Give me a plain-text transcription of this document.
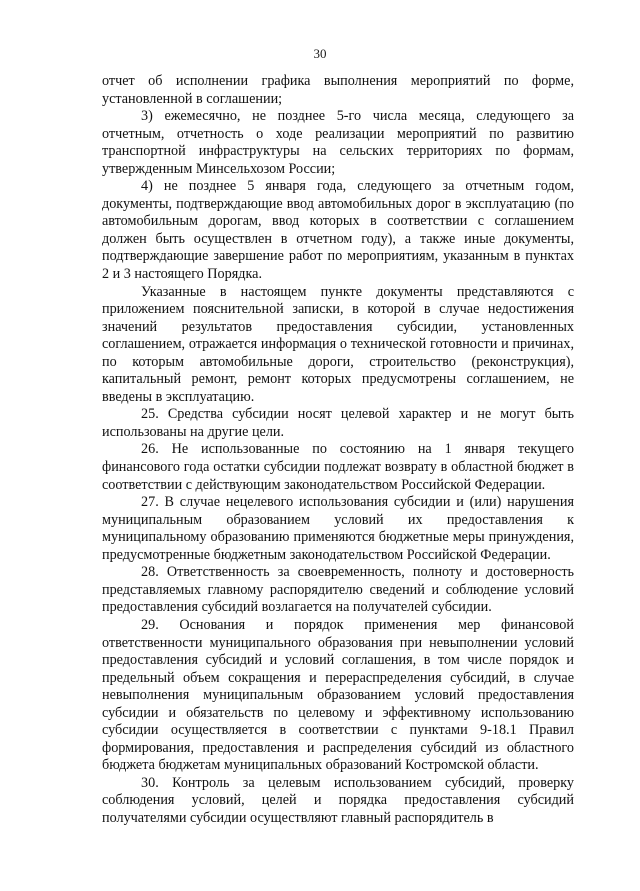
30

отчет об исполнении графика выполнения мероприятий по форме, установленной в соглашении;

3) ежемесячно, не позднее 5-го числа месяца, следующего за отчетным, отчетность о ходе реализации мероприятий по развитию транспортной инфраструктуры на сельских территориях по формам, утвержденным Минсельхозом России;

4) не позднее 5 января года, следующего за отчетным годом, документы, подтверждающие ввод автомобильных дорог в эксплуатацию (по автомобильным дорогам, ввод которых в соответствии с соглашением должен быть осуществлен в отчетном году), а также иные документы, подтверждающие завершение работ по мероприятиям, указанным в пунктах 2 и 3 настоящего Порядка.

Указанные в настоящем пункте документы представляются с приложением пояснительной записки, в которой в случае недостижения значений результатов предоставления субсидии, установленных соглашением, отражается информация о технической готовности и причинах, по которым автомобильные дороги, строительство (реконструкция), капитальный ремонт, ремонт которых предусмотрены соглашением, не введены в эксплуатацию.

25. Средства субсидии носят целевой характер и не могут быть использованы на другие цели.

26. Не использованные по состоянию на 1 января текущего финансового года остатки субсидии подлежат возврату в областной бюджет в соответствии с действующим законодательством Российской Федерации.

27. В случае нецелевого использования субсидии и (или) нарушения муниципальным образованием условий их предоставления к муниципальному образованию применяются бюджетные меры принуждения, предусмотренные бюджетным законодательством Российской Федерации.

28. Ответственность за своевременность, полноту и достоверность представляемых главному распорядителю сведений и соблюдение условий предоставления субсидий возлагается на получателей субсидии.

29. Основания и порядок применения мер финансовой ответственности муниципального образования при невыполнении условий предоставления субсидий и условий соглашения, в том числе порядок и предельный объем сокращения и перераспределения субсидий, в случае невыполнения муниципальным образованием условий предоставления субсидии и обязательств по целевому и эффективному использованию субсидии осуществляется в соответствии с пунктами 9-18.1 Правил формирования, предоставления и распределения субсидий из областного бюджета бюджетам муниципальных образований Костромской области.

30. Контроль за целевым использованием субсидий, проверку соблюдения условий, целей и порядка предоставления субсидий получателями субсидии осуществляют главный распорядитель в
